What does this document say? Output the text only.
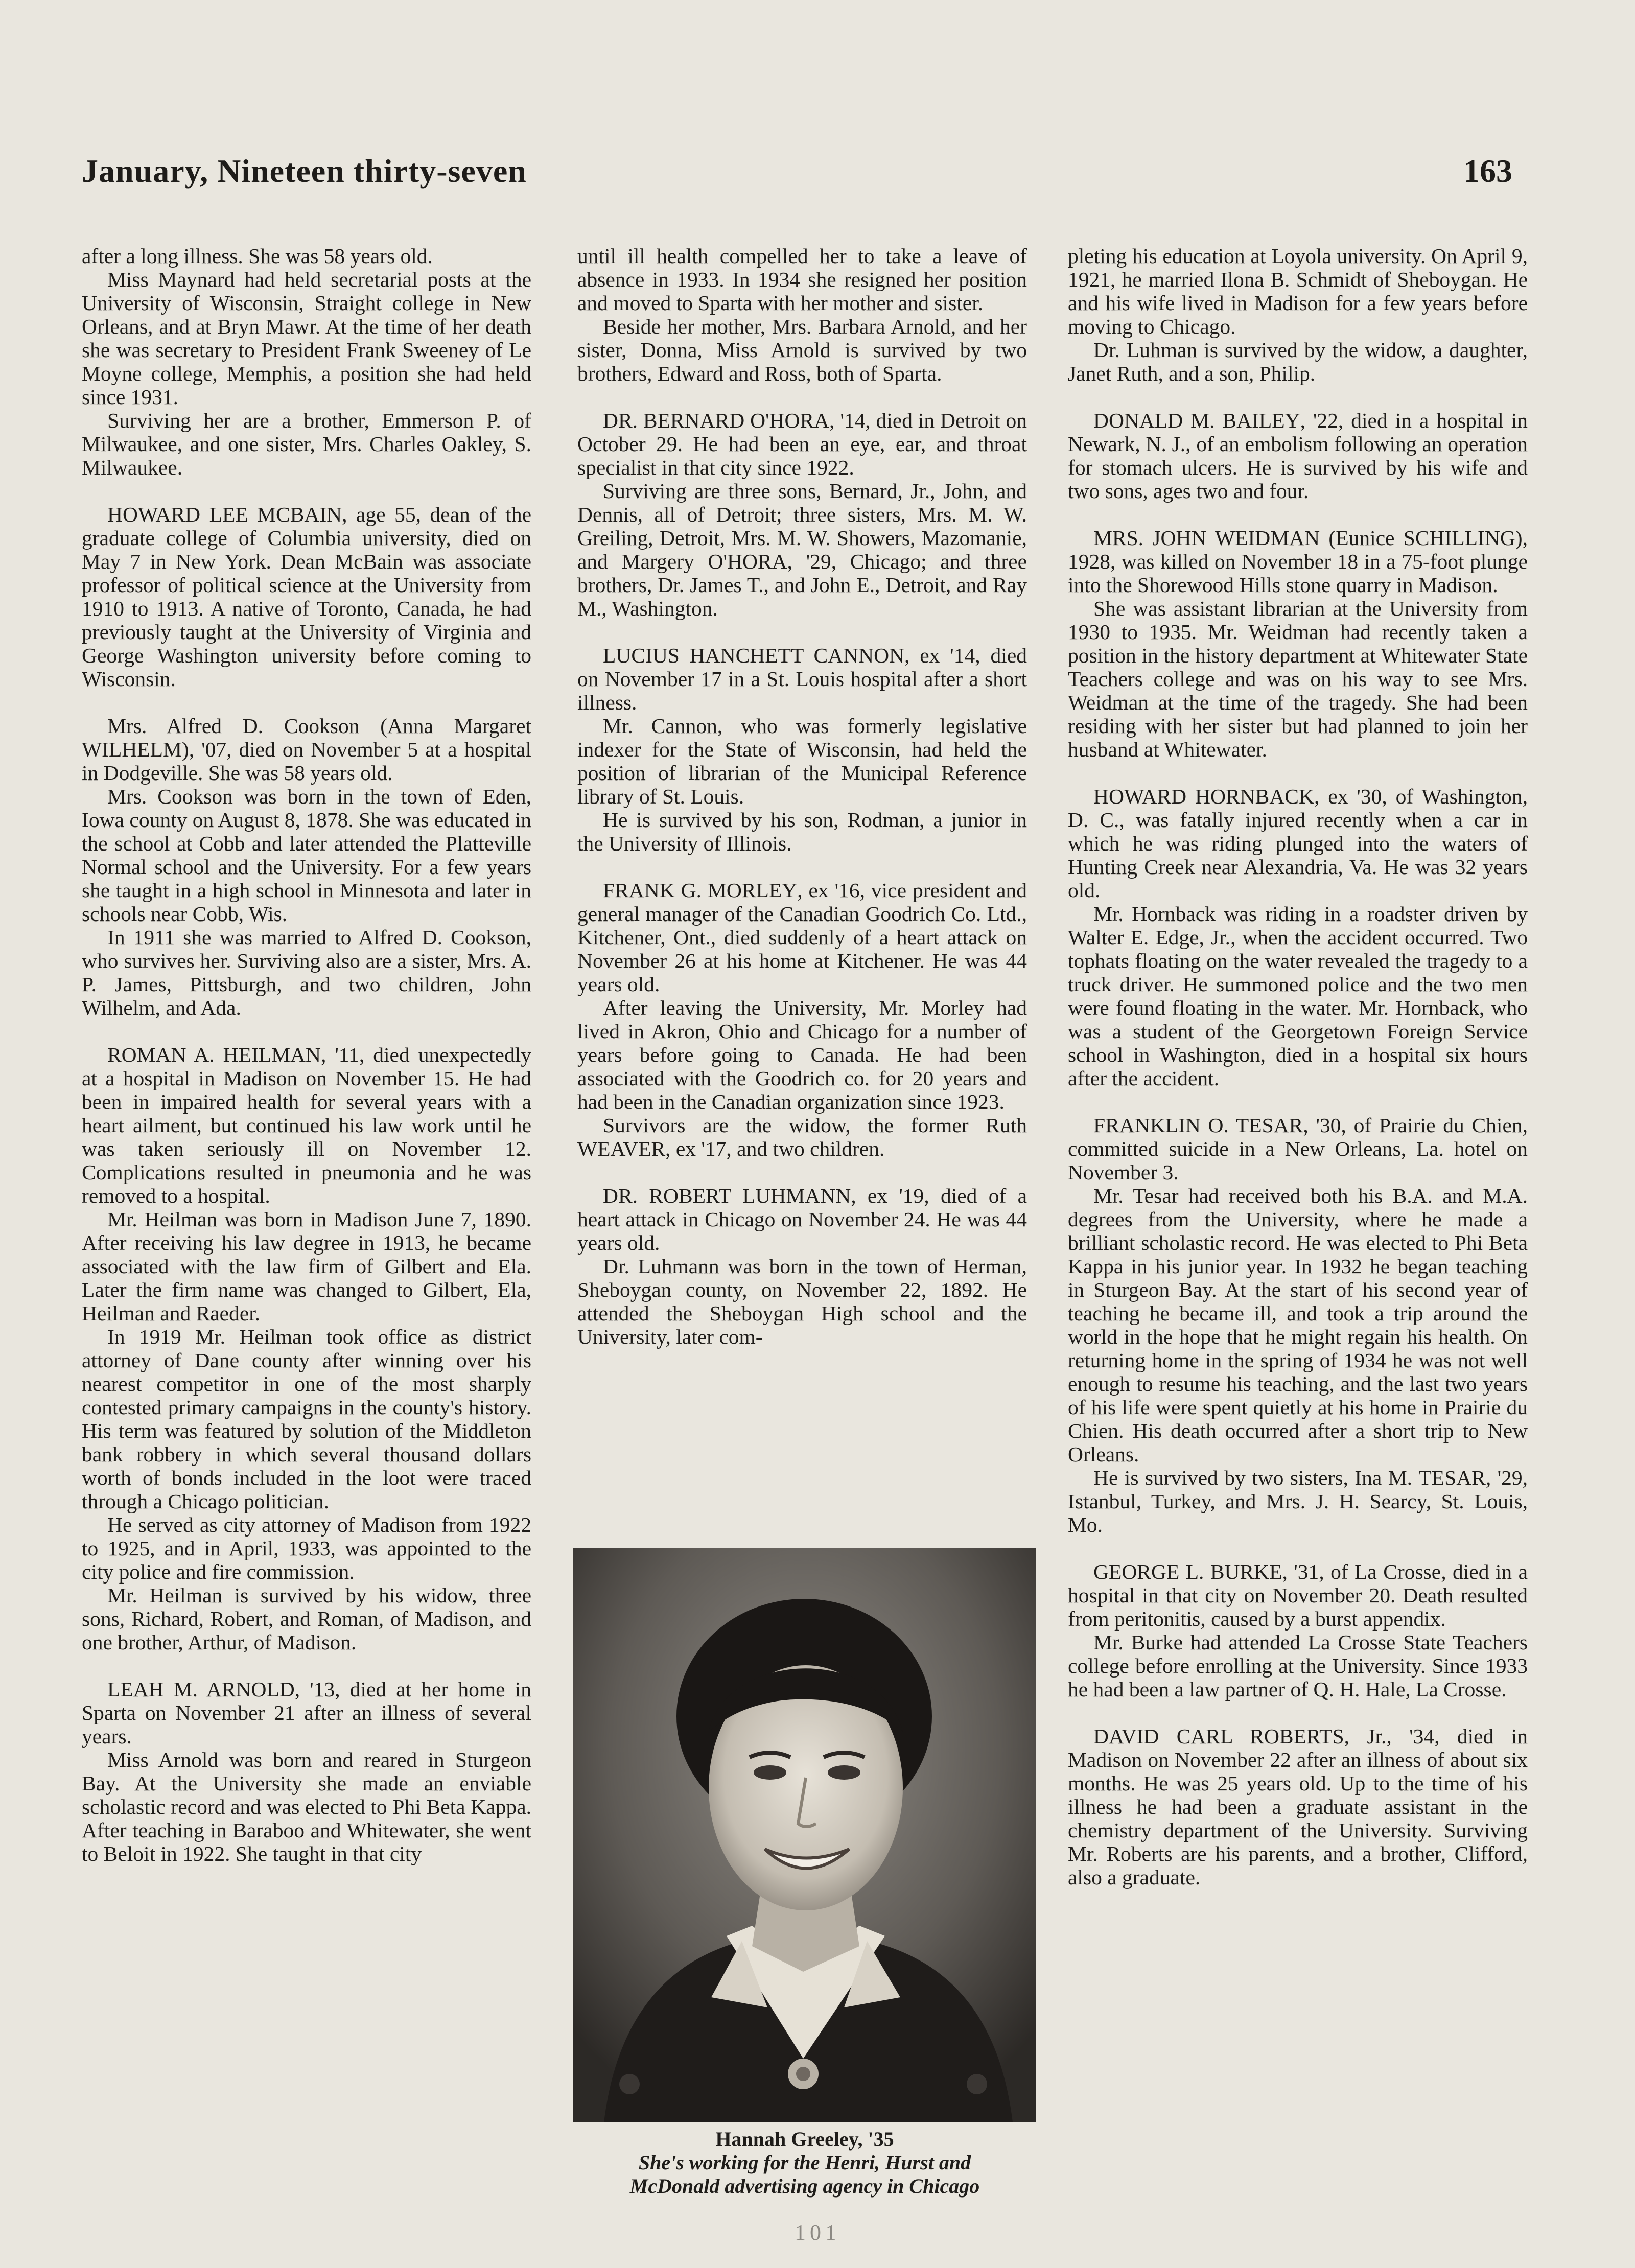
January, Nineteen thirty-seven	163

after a long illness. She was 58 years old.

Miss Maynard had held secretarial posts at the University of Wisconsin, Straight college in New Orleans, and at Bryn Mawr. At the time of her death she was secretary to President Frank Sweeney of Le Moyne college, Memphis, a position she had held since 1931.

Surviving her are a brother, Emmerson P. of Milwaukee, and one sister, Mrs. Charles Oakley, S. Milwaukee.

HOWARD LEE MCBAIN, age 55, dean of the graduate college of Columbia university, died on May 7 in New York. Dean McBain was associate professor of political science at the University from 1910 to 1913. A native of Toronto, Canada, he had previously taught at the University of Virginia and George Washington university before coming to Wisconsin.

Mrs. Alfred D. Cookson (Anna Margaret WILHELM), '07, died on November 5 at a hospital in Dodgeville. She was 58 years old.

Mrs. Cookson was born in the town of Eden, Iowa county on August 8, 1878. She was educated in the school at Cobb and later attended the Platteville Normal school and the University. For a few years she taught in a high school in Minnesota and later in schools near Cobb, Wis.

In 1911 she was married to Alfred D. Cookson, who survives her. Surviving also are a sister, Mrs. A. P. James, Pittsburgh, and two children, John Wilhelm, and Ada.

ROMAN A. HEILMAN, '11, died unexpectedly at a hospital in Madison on November 15. He had been in impaired health for several years with a heart ailment, but continued his law work until he was taken seriously ill on November 12. Complications resulted in pneumonia and he was removed to a hospital.

Mr. Heilman was born in Madison June 7, 1890. After receiving his law degree in 1913, he became associated with the law firm of Gilbert and Ela. Later the firm name was changed to Gilbert, Ela, Heilman and Raeder.

In 1919 Mr. Heilman took office as district attorney of Dane county after winning over his nearest competitor in one of the most sharply contested primary campaigns in the county's history. His term was featured by solution of the Middleton bank robbery in which several thousand dollars worth of bonds included in the loot were traced through a Chicago politician.

He served as city attorney of Madison from 1922 to 1925, and in April, 1933, was appointed to the city police and fire commission.

Mr. Heilman is survived by his widow, three sons, Richard, Robert, and Roman, of Madison, and one brother, Arthur, of Madison.

LEAH M. ARNOLD, '13, died at her home in Sparta on November 21 after an illness of several years.

Miss Arnold was born and reared in Sturgeon Bay. At the University she made an enviable scholastic record and was elected to Phi Beta Kappa. After teaching in Baraboo and Whitewater, she went to Beloit in 1922. She taught in that city

until ill health compelled her to take a leave of absence in 1933. In 1934 she resigned her position and moved to Sparta with her mother and sister.

Beside her mother, Mrs. Barbara Arnold, and her sister, Donna, Miss Arnold is survived by two brothers, Edward and Ross, both of Sparta.

DR. BERNARD O'HORA, '14, died in Detroit on October 29. He had been an eye, ear, and throat specialist in that city since 1922.

Surviving are three sons, Bernard, Jr., John, and Dennis, all of Detroit; three sisters, Mrs. M. W. Greiling, Detroit, Mrs. M. W. Showers, Mazomanie, and Margery O'HORA, '29, Chicago; and three brothers, Dr. James T., and John E., Detroit, and Ray M., Washington.

LUCIUS HANCHETT CANNON, ex '14, died on November 17 in a St. Louis hospital after a short illness.

Mr. Cannon, who was formerly legislative indexer for the State of Wisconsin, had held the position of librarian of the Municipal Reference library of St. Louis.

He is survived by his son, Rodman, a junior in the University of Illinois.

FRANK G. MORLEY, ex '16, vice president and general manager of the Canadian Goodrich Co. Ltd., Kitchener, Ont., died suddenly of a heart attack on November 26 at his home at Kitchener. He was 44 years old.

After leaving the University, Mr. Morley had lived in Akron, Ohio and Chicago for a number of years before going to Canada. He had been associated with the Goodrich co. for 20 years and had been in the Canadian organization since 1923.

Survivors are the widow, the former Ruth WEAVER, ex '17, and two children.

DR. ROBERT LUHMANN, ex '19, died of a heart attack in Chicago on November 24. He was 44 years old.

Dr. Luhmann was born in the town of Herman, Sheboygan county, on November 22, 1892. He attended the Sheboygan High school and the University, later com-

Hannah Greeley, '35
She's working for the Henri, Hurst and
McDonald advertising agency in Chicago

pleting his education at Loyola university. On April 9, 1921, he married Ilona B. Schmidt of Sheboygan. He and his wife lived in Madison for a few years before moving to Chicago.

Dr. Luhman is survived by the widow, a daughter, Janet Ruth, and a son, Philip.

DONALD M. BAILEY, '22, died in a hospital in Newark, N. J., of an embolism following an operation for stomach ulcers. He is survived by his wife and two sons, ages two and four.

MRS. JOHN WEIDMAN (Eunice SCHILLING), 1928, was killed on November 18 in a 75-foot plunge into the Shorewood Hills stone quarry in Madison.

She was assistant librarian at the University from 1930 to 1935. Mr. Weidman had recently taken a position in the history department at Whitewater State Teachers college and was on his way to see Mrs. Weidman at the time of the tragedy. She had been residing with her sister but had planned to join her husband at Whitewater.

HOWARD HORNBACK, ex '30, of Washington, D. C., was fatally injured recently when a car in which he was riding plunged into the waters of Hunting Creek near Alexandria, Va. He was 32 years old.

Mr. Hornback was riding in a roadster driven by Walter E. Edge, Jr., when the accident occurred. Two tophats floating on the water revealed the tragedy to a truck driver. He summoned police and the two men were found floating in the water. Mr. Hornback, who was a student of the Georgetown Foreign Service school in Washington, died in a hospital six hours after the accident.

FRANKLIN O. TESAR, '30, of Prairie du Chien, committed suicide in a New Orleans, La. hotel on November 3.

Mr. Tesar had received both his B.A. and M.A. degrees from the University, where he made a brilliant scholastic record. He was elected to Phi Beta Kappa in his junior year. In 1932 he began teaching in Sturgeon Bay. At the start of his second year of teaching he became ill, and took a trip around the world in the hope that he might regain his health. On returning home in the spring of 1934 he was not well enough to resume his teaching, and the last two years of his life were spent quietly at his home in Prairie du Chien. His death occurred after a short trip to New Orleans.

He is survived by two sisters, Ina M. TESAR, '29, Istanbul, Turkey, and Mrs. J. H. Searcy, St. Louis, Mo.

GEORGE L. BURKE, '31, of La Crosse, died in a hospital in that city on November 20. Death resulted from peritonitis, caused by a burst appendix.

Mr. Burke had attended La Crosse State Teachers college before enrolling at the University. Since 1933 he had been a law partner of Q. H. Hale, La Crosse.

DAVID CARL ROBERTS, Jr., '34, died in Madison on November 22 after an illness of about six months. He was 25 years old. Up to the time of his illness he had been a graduate assistant in the chemistry department of the University. Surviving Mr. Roberts are his parents, and a brother, Clifford, also a graduate.

101
